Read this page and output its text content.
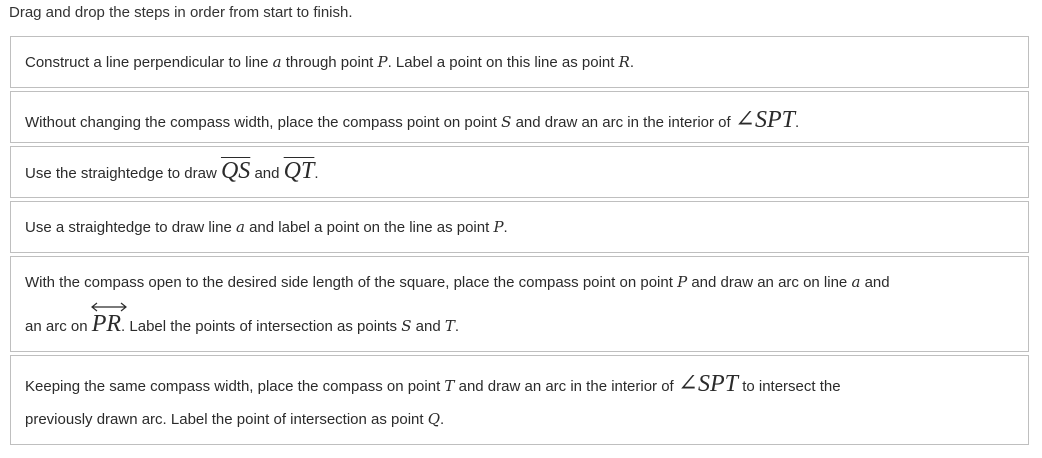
Drag and drop the steps in order from start to finish.
Construct a line perpendicular to line a through point P. Label a point on this line as point R.
Without changing the compass width, place the compass point on point S and draw an arc in the interior of ∠SPT.
Use the straightedge to draw $\overline{QS}$ and $\overline{QT}$.
Use a straightedge to draw line a and label a point on the line as point P.
With the compass open to the desired side length of the square, place the compass point on point P and draw an arc on line a and
an arc on
PR. Label the points of intersection as points S and T.
Keeping the same compass width, place the compass on point T and draw an arc in the interior of ∠SPT to intersect the
previously drawn arc. Label the point of intersection as point Q.
